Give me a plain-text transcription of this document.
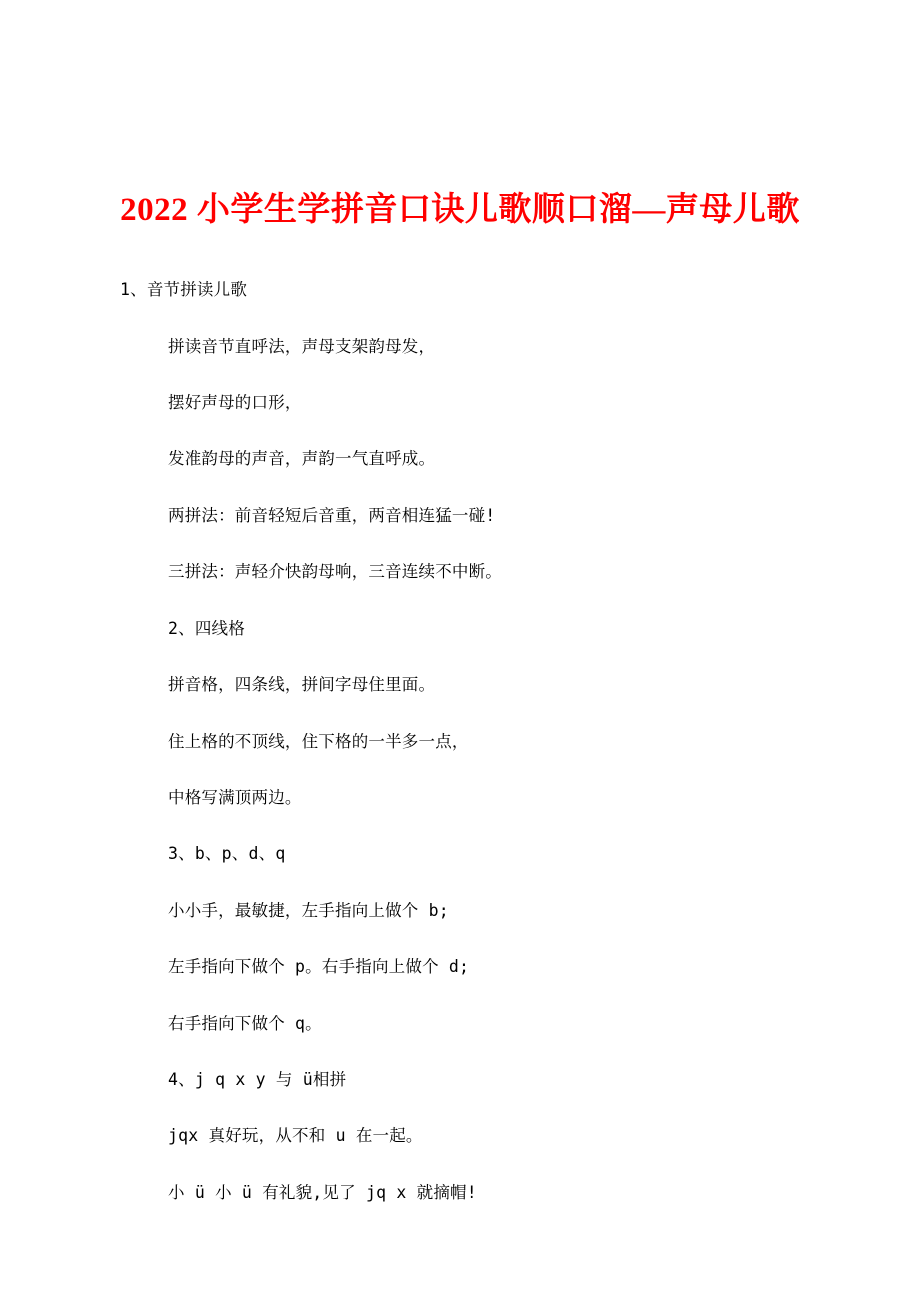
2022 小学生学拼音口诀儿歌顺口溜—声母儿歌

1、音节拼读儿歌

拼读音节直呼法，声母支架韵母发，

摆好声母的口形，

发准韵母的声音，声韵一气直呼成。

两拼法：前音轻短后音重，两音相连猛一碰!

三拼法：声轻介快韵母响，三音连续不中断。

2、四线格

拼音格，四条线，拼间字母住里面。

住上格的不顶线，住下格的一半多一点，

中格写满顶两边。

3、b、p、d、q

小小手，最敏捷，左手指向上做个 b;

左手指向下做个 p。右手指向上做个 d;

右手指向下做个 q。

4、j q x y 与 ü相拼

jqx 真好玩，从不和 u 在一起。

小 ü 小 ü 有礼貌,见了 jq x 就摘帽!
